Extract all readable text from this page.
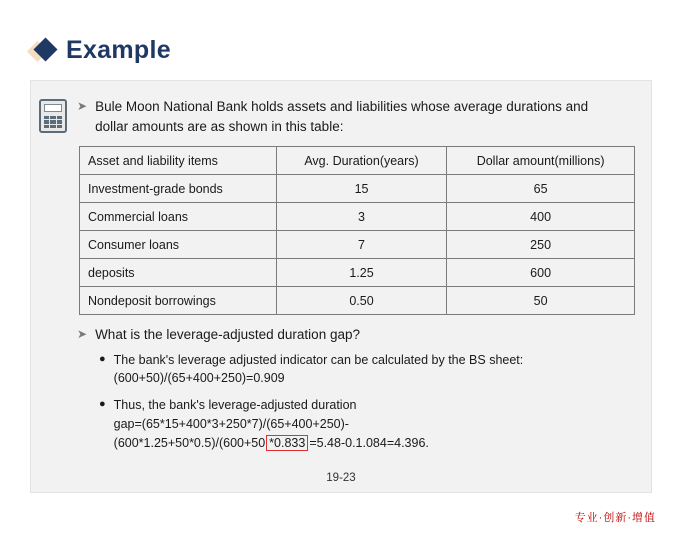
Example
➤ Bule Moon National Bank holds assets and liabilities whose average durations and dollar amounts are as shown in this table:
Asset and liability items	Avg. Duration(years)	Dollar amount(millions)
Investment-grade bonds	15	65
Commercial loans	3	400
Consumer loans	7	250
deposits	1.25	600
Nondeposit borrowings	0.50	50
➤ What is the leverage-adjusted duration gap?
● The bank's leverage adjusted indicator can be calculated by the BS sheet: (600+50)/(65+400+250)=0.909
● Thus, the bank's leverage-adjusted duration
gap=(65*15+400*3+250*7)/(65+400+250)-
(600*1.25+50*0.5)/(600+50 *0.833 =5.48-0.1.084=4.396.
19-23
专业·创新·增值
